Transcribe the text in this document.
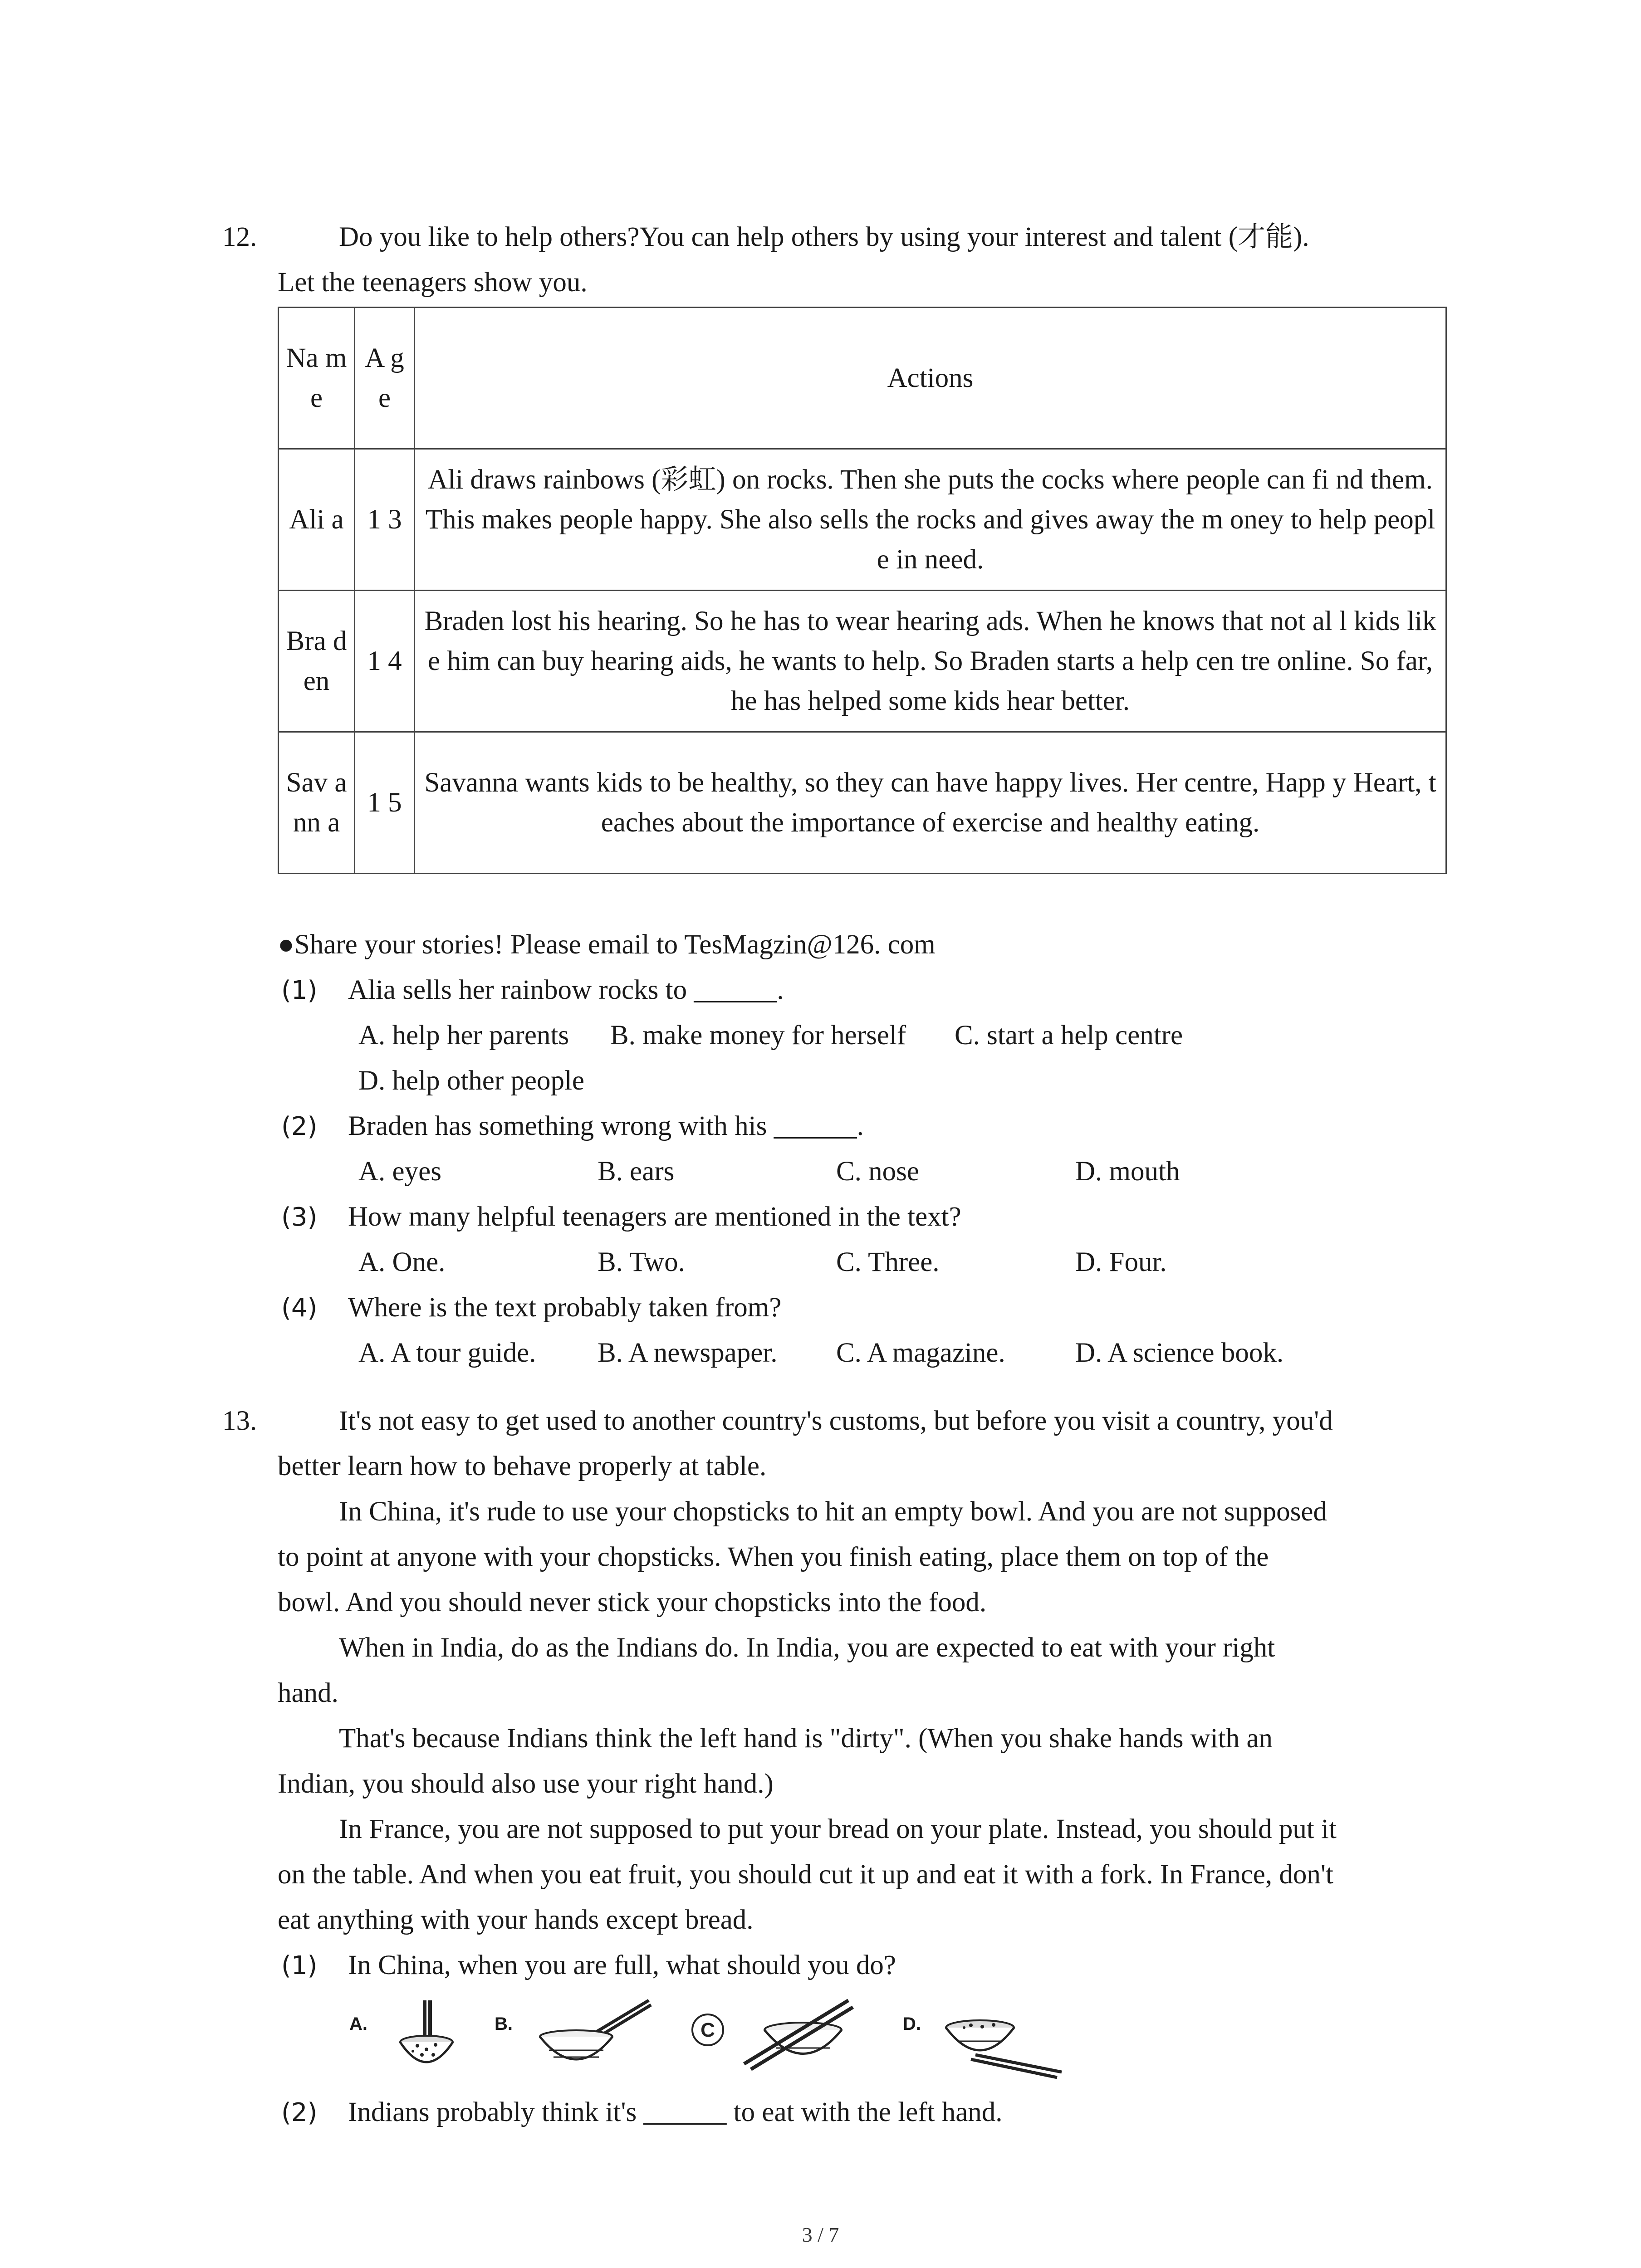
12.	Do you like to help others?You can help others by using your interest and talent (才能).
Let the teenagers show you.
Na me	A g e	Actions
Ali a	1 3	Ali draws rainbows (彩虹) on rocks. Then she puts the cocks where people can fi nd them. This makes people happy. She also sells the rocks and gives away the m oney to help people in need.
Bra den	1 4	Braden lost his hearing. So he has to wear hearing ads. When he knows that not al l kids like him can buy hearing aids, he wants to help. So Braden starts a help cen tre online. So far, he has helped some kids hear better.
Sav ann a	1 5	Savanna wants kids to be healthy, so they can have happy lives. Her centre, Happ y Heart, teaches about the importance of exercise and healthy eating.
●Share your stories! Please email to TesMagzin@126. com
(1) Alia sells her rainbow rocks to ______.
A. help her parents B. make money for herself C. start a help centre
D. help other people
(2) Braden has something wrong with his ______.
A. eyes	B. ears	C. nose	D. mouth
(3) How many helpful teenagers are mentioned in the text?
A. One.	B. Two.	C. Three.	D. Four.
(4) Where is the text probably taken from?
A. A tour guide. B. A newspaper. C. A magazine.	D. A science book.
13.	It's not easy to get used to another country's customs, but before you visit a country, you'd
better learn how to behave properly at table.
In China, it's rude to use your chopsticks to hit an empty bowl. And you are not supposed
to point at anyone with your chopsticks. When you finish eating, place them on top of the
bowl. And you should never stick your chopsticks into the food.
When in India, do as the Indians do. In India, you are expected to eat with your right
hand.
That's because Indians think the left hand is "dirty". (When you shake hands with an
Indian, you should also use your right hand.)
In France, you are not supposed to put your bread on your plate. Instead, you should put it
on the table. And when you eat fruit, you should cut it up and eat it with a fork. In France, don't
eat anything with your hands except bread.
(1) In China, when you are full, what should you do?
A.	B.	C	D.
(2) Indians probably think it's ______ to eat with the left hand.
3 / 7
